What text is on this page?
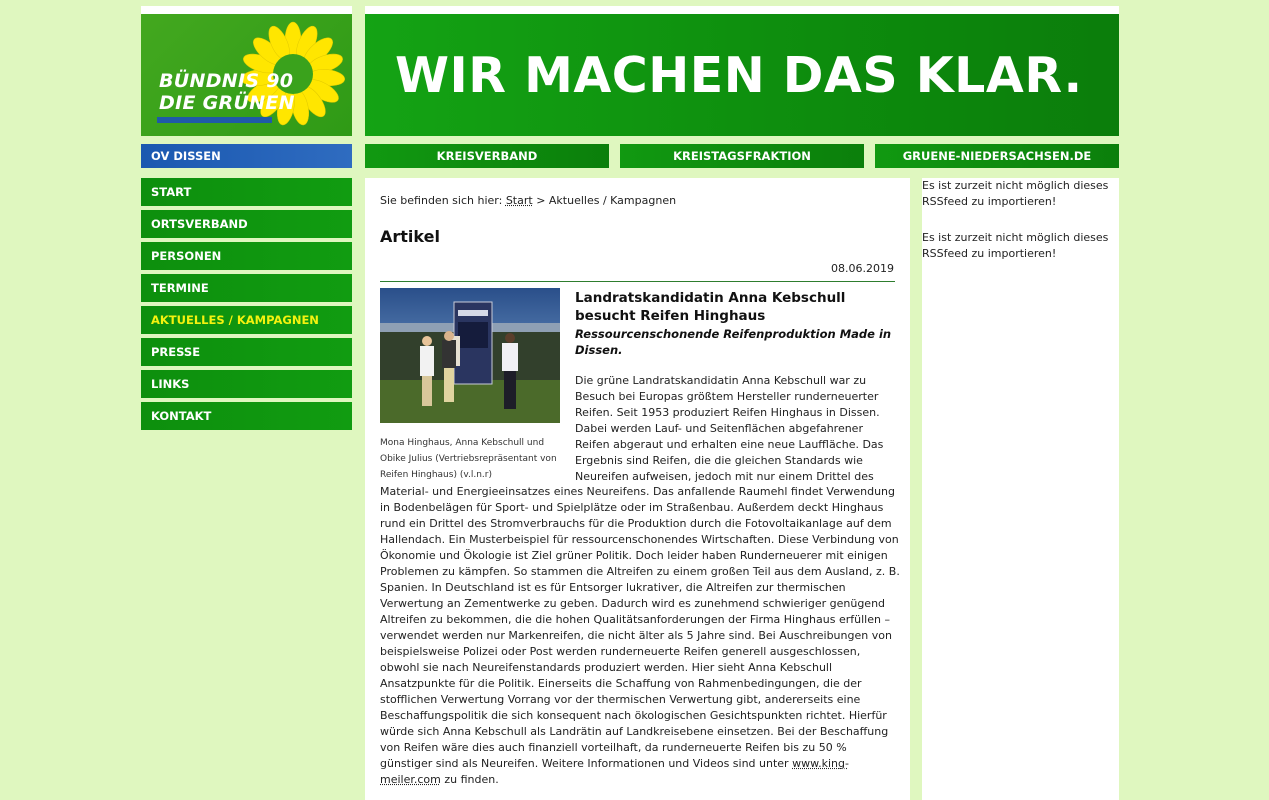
BÜNDNIS 90
DIE GRÜNEN WIR MACHEN DAS KLAR.
OV DISSEN	KREISVERBAND	KREISTAGSFRAKTION	GRUENE-NIEDERSACHSEN.DE
START
ORTSVERBAND
PERSONEN
TERMINE
AKTUELLES / KAMPAGNEN
PRESSE
LINKS
KONTAKT
Sie befinden sich hier: Start > Aktuelles / Kampagnen
Artikel
08.06.2019
Mona Hinghaus, Anna Kebschull und Obike Julius (Vertriebsrepräsentant von Reifen Hinghaus) (v.l.n.r)
Landratskandidatin Anna Kebschull besucht Reifen Hinghaus
Ressourcenschonende Reifenproduktion Made in Dissen.
Die grüne Landratskandidatin Anna Kebschull war zu Besuch bei Europas größtem Hersteller runderneuerter Reifen. Seit 1953 produziert Reifen Hinghaus in Dissen. Dabei werden Lauf- und Seitenflächen abgefahrener Reifen abgeraut und erhalten eine neue Lauffläche. Das Ergebnis sind Reifen, die die gleichen Standards wie Neureifen aufweisen, jedoch mit nur einem Drittel des
Material- und Energieeinsatzes eines Neureifens. Das anfallende Raumehl findet Verwendung in Bodenbelägen für Sport- und Spielplätze oder im Straßenbau. Außerdem deckt Hinghaus rund ein Drittel des Stromverbrauchs für die Produktion durch die Fotovoltaikanlage auf dem Hallendach. Ein Musterbeispiel für ressourcenschonendes Wirtschaften. Diese Verbindung von Ökonomie und Ökologie ist Ziel grüner Politik. Doch leider haben Runderneuerer mit einigen Problemen zu kämpfen. So stammen die Altreifen zu einem großen Teil aus dem Ausland, z. B. Spanien. In Deutschland ist es für Entsorger lukrativer, die Altreifen zur thermischen Verwertung an Zementwerke zu geben. Dadurch wird es zunehmend schwieriger genügend Altreifen zu bekommen, die die hohen Qualitätsanforderungen der Firma Hinghaus erfüllen – verwendet werden nur Markenreifen, die nicht älter als 5 Jahre sind. Bei Auschreibungen von beispielsweise Polizei oder Post werden runderneuerte Reifen generell ausgeschlossen, obwohl sie nach Neureifenstandards produziert werden. Hier sieht Anna Kebschull Ansatzpunkte für die Politik. Einerseits die Schaffung von Rahmenbedingungen, die der stofflichen Verwertung Vorrang vor der thermischen Verwertung gibt, andererseits eine Beschaffungspolitik die sich konsequent nach ökologischen Gesichtspunkten richtet. Hierfür würde sich Anna Kebschull als Landrätin auf Landkreisebene einsetzen. Bei der Beschaffung von Reifen wäre dies auch finanziell vorteilhaft, da runderneuerte Reifen bis zu 50 % günstiger sind als Neureifen. Weitere Informationen und Videos sind unter www.king-meiler.com zu finden.

Es ist zurzeit nicht möglich dieses RSSfeed zu importieren!

Es ist zurzeit nicht möglich dieses RSSfeed zu importieren!
